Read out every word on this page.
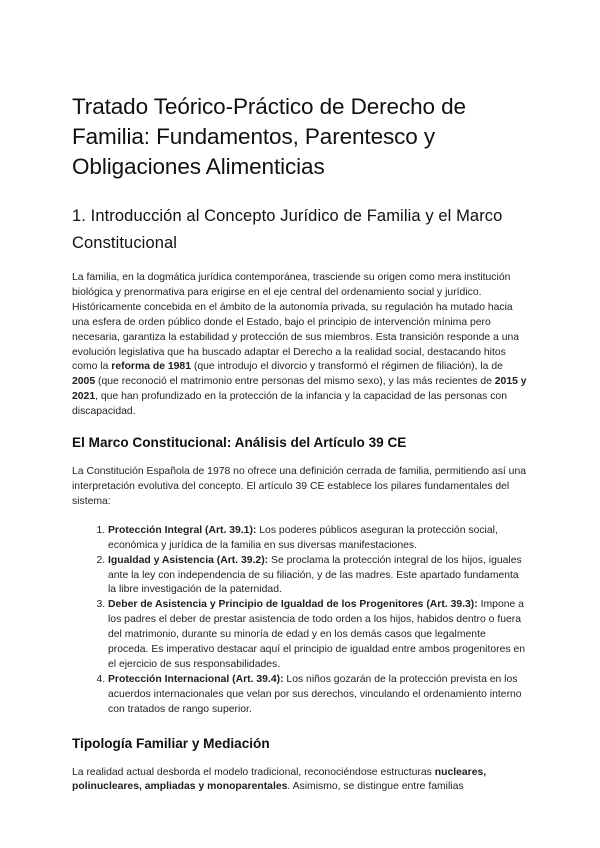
Tratado Teórico-Práctico de Derecho de Familia: Fundamentos, Parentesco y Obligaciones Alimenticias
1. Introducción al Concepto Jurídico de Familia y el Marco Constitucional

La familia, en la dogmática jurídica contemporánea, trasciende su origen como mera institución biológica y prenormativa para erigirse en el eje central del ordenamiento social y jurídico. Históricamente concebida en el ámbito de la autonomía privada, su regulación ha mutado hacia una esfera de orden público donde el Estado, bajo el principio de intervención mínima pero necesaria, garantiza la estabilidad y protección de sus miembros. Esta transición responde a una evolución legislativa que ha buscado adaptar el Derecho a la realidad social, destacando hitos como la reforma de 1981 (que introdujo el divorcio y transformó el régimen de filiación), la de 2005 (que reconoció el matrimonio entre personas del mismo sexo), y las más recientes de 2015 y 2021, que han profundizado en la protección de la infancia y la capacidad de las personas con discapacidad.

El Marco Constitucional: Análisis del Artículo 39 CE

La Constitución Española de 1978 no ofrece una definición cerrada de familia, permitiendo así una interpretación evolutiva del concepto. El artículo 39 CE establece los pilares fundamentales del sistema:

1. Protección Integral (Art. 39.1): Los poderes públicos aseguran la protección social, económica y jurídica de la familia en sus diversas manifestaciones.
2. Igualdad y Asistencia (Art. 39.2): Se proclama la protección integral de los hijos, iguales ante la ley con independencia de su filiación, y de las madres. Este apartado fundamenta la libre investigación de la paternidad.
3. Deber de Asistencia y Principio de Igualdad de los Progenitores (Art. 39.3): Impone a los padres el deber de prestar asistencia de todo orden a los hijos, habidos dentro o fuera del matrimonio, durante su minoría de edad y en los demás casos que legalmente proceda. Es imperativo destacar aquí el principio de igualdad entre ambos progenitores en el ejercicio de sus responsabilidades.
4. Protección Internacional (Art. 39.4): Los niños gozarán de la protección prevista en los acuerdos internacionales que velan por sus derechos, vinculando el ordenamiento interno con tratados de rango superior.
Tipología Familiar y Mediación

La realidad actual desborda el modelo tradicional, reconociéndose estructuras nucleares, polinucleares, ampliadas y monoparentales. Asimismo, se distingue entre familias
